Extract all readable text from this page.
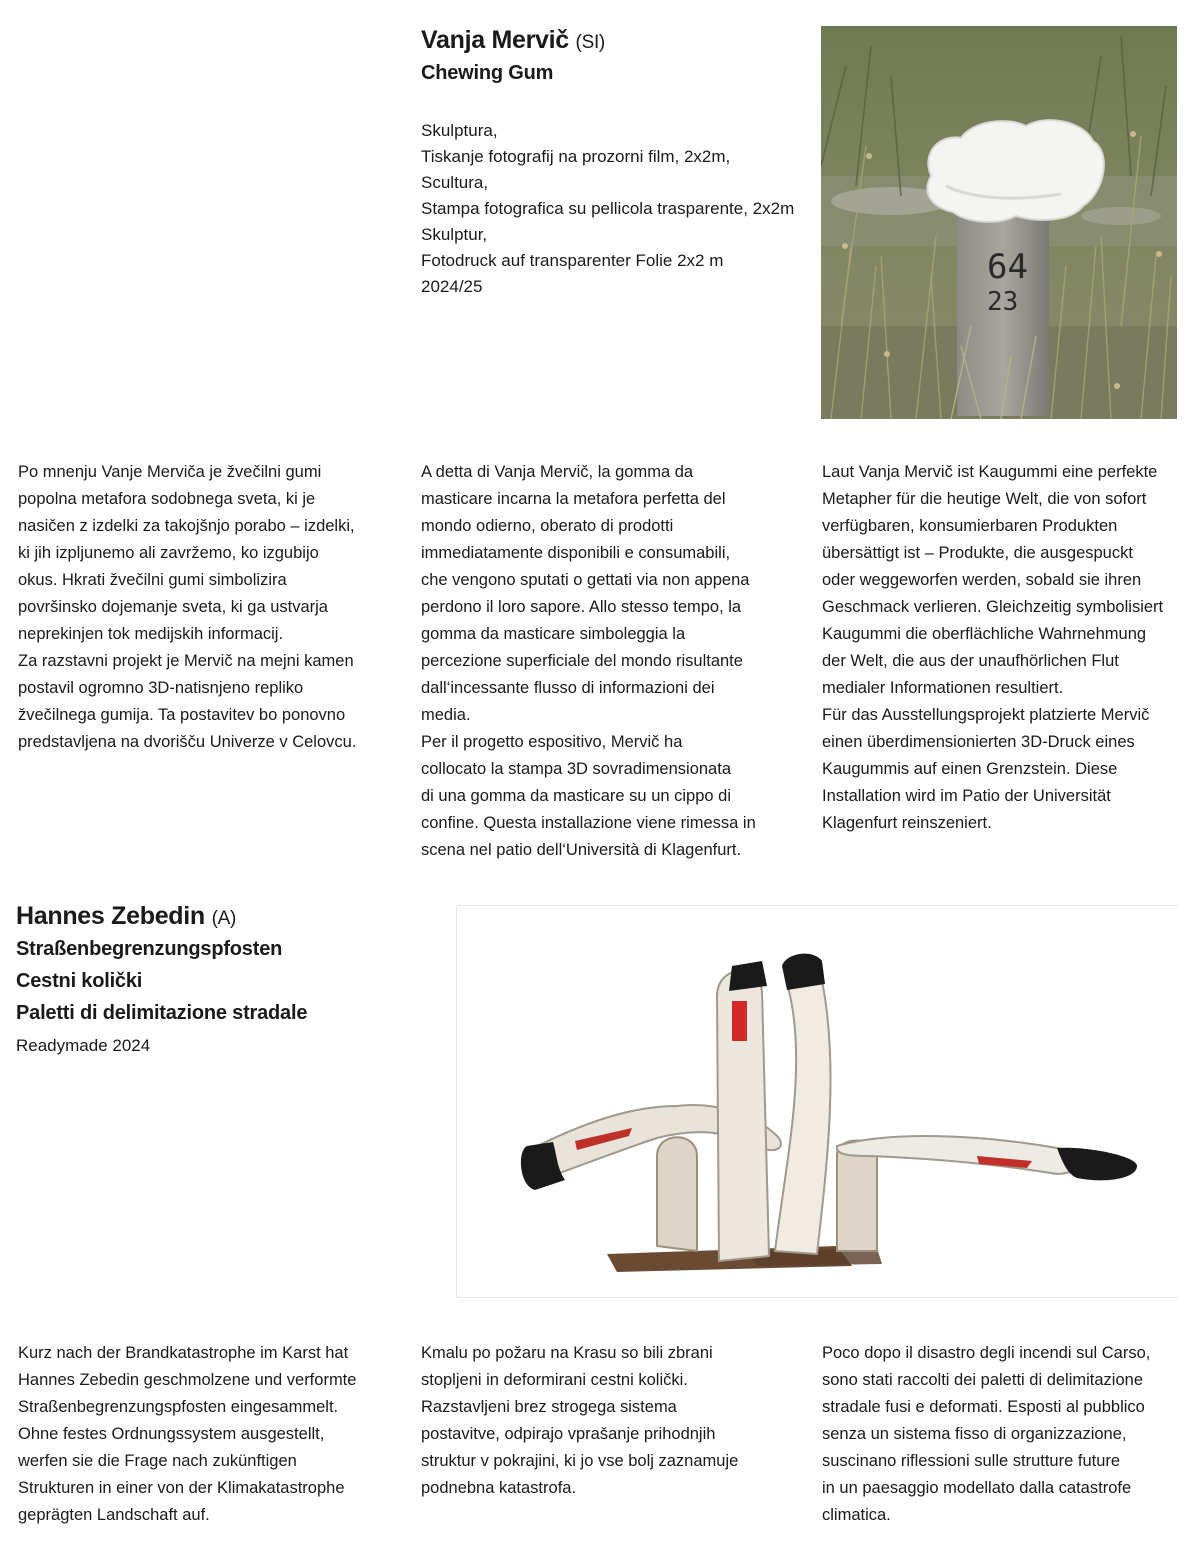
Vanja Mervič (SI)
Chewing Gum
Skulptura,
Tiskanje fotografij na prozorni film, 2x2m,
Scultura,
Stampa fotografica su pellicola trasparente, 2x2m
Skulptur,
Fotodruck auf transparenter Folie 2x2 m
2024/25	64
23
Po mnenju Vanje Merviča je žvečilni gumi
popolna metafora sodobnega sveta, ki je
nasičen z izdelki za takojšnjo porabo – izdelki,
ki jih izpljunemo ali zavržemo, ko izgubijo
okus. Hkrati žvečilni gumi simbolizira
površinsko dojemanje sveta, ki ga ustvarja
neprekinjen tok medijskih informacij.
Za razstavni projekt je Mervič na mejni kamen
postavil ogromno 3D-natisnjeno repliko
žvečilnega gumija. Ta postavitev bo ponovno
predstavljena na dvorišču Univerze v Celovcu.
A detta di Vanja Mervič, la gomma da
masticare incarna la metafora perfetta del
mondo odierno, oberato di prodotti
immediatamente disponibili e consumabili,
che vengono sputati o gettati via non appena
perdono il loro sapore. Allo stesso tempo, la
gomma da masticare simboleggia la
percezione superficiale del mondo risultante
dall‘incessante flusso di informazioni dei
media.
Per il progetto espositivo, Mervič ha
collocato la stampa 3D sovradimensionata
di una gomma da masticare su un cippo di
confine. Questa installazione viene rimessa in
scena nel patio dell‘Università di Klagenfurt.
Laut Vanja Mervič ist Kaugummi eine perfekte
Metapher für die heutige Welt, die von sofort
verfügbaren, konsumierbaren Produkten
übersättigt ist – Produkte, die ausgespuckt
oder weggeworfen werden, sobald sie ihren
Geschmack verlieren. Gleichzeitig symbolisiert
Kaugummi die oberflächliche Wahrnehmung
der Welt, die aus der unaufhörlichen Flut
medialer Informationen resultiert.
Für das Ausstellungsprojekt platzierte Mervič
einen überdimensionierten 3D-Druck eines
Kaugummis auf einen Grenzstein. Diese
Installation wird im Patio der Universität
Klagenfurt reinszeniert.
Hannes Zebedin (A)
Straßenbegrenzungspfosten
Cestni količki
Paletti di delimitazione stradale
Readymade 2024
Kurz nach der Brandkatastrophe im Karst hat
Hannes Zebedin geschmolzene und verformte
Straßenbegrenzungspfosten eingesammelt.
Ohne festes Ordnungssystem ausgestellt,
werfen sie die Frage nach zukünftigen
Strukturen in einer von der Klimakatastrophe
geprägten Landschaft auf.
Kmalu po požaru na Krasu so bili zbrani
stopljeni in deformirani cestni količki.
Razstavljeni brez strogega sistema
postavitve, odpirajo vprašanje prihodnjih
struktur v pokrajini, ki jo vse bolj zaznamuje
podnebna katastrofa.
Poco dopo il disastro degli incendi sul Carso,
sono stati raccolti dei paletti di delimitazione
stradale fusi e deformati. Esposti al pubblico
senza un sistema fisso di organizzazione,
suscinano riflessioni sulle strutture future
in un paesaggio modellato dalla catastrofe
climatica.
